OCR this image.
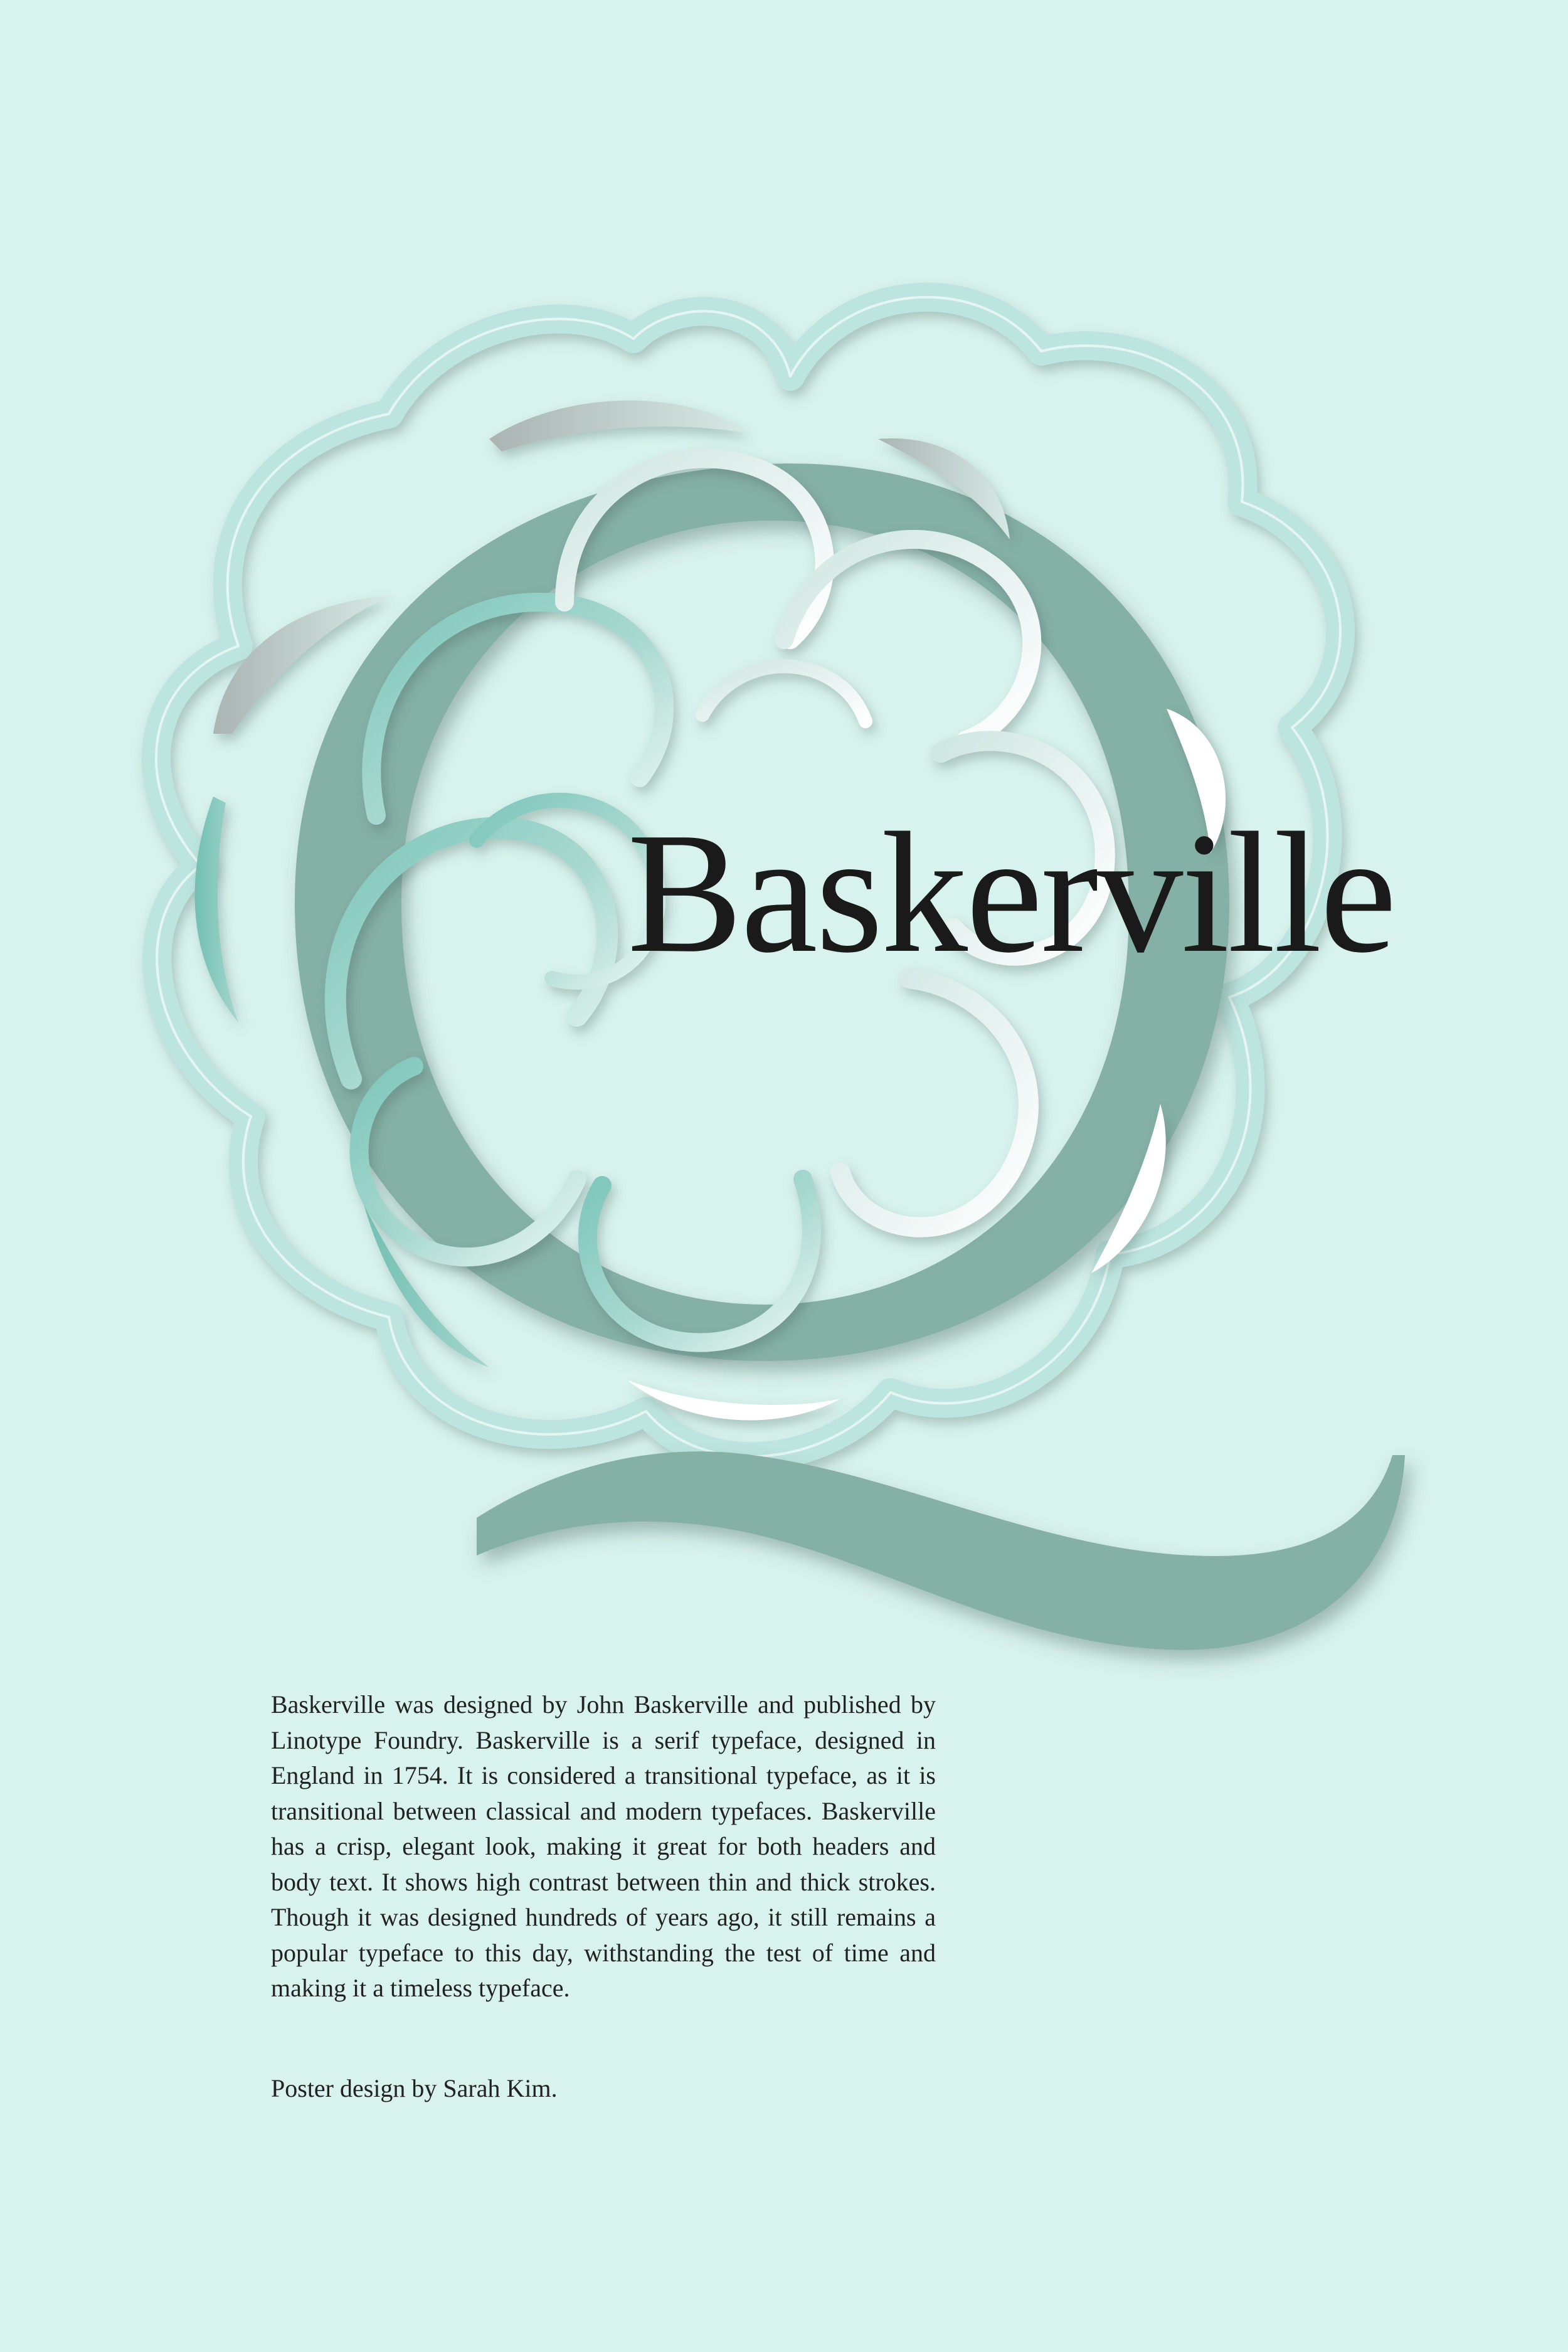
Baskerville

Baskerville was designed by John Baskerville and published by Linotype Foundry. Baskerville is a serif typeface, designed in England in 1754. It is considered a transitional typeface, as it is transitional between classical and modern typefaces. Baskerville has a crisp, elegant look, making it great for both headers and body text. It shows high contrast between thin and thick strokes. Though it was designed hundreds of years ago, it still remains a popular typeface to this day, withstanding the test of time and making it a timeless typeface.

Poster design by Sarah Kim.
